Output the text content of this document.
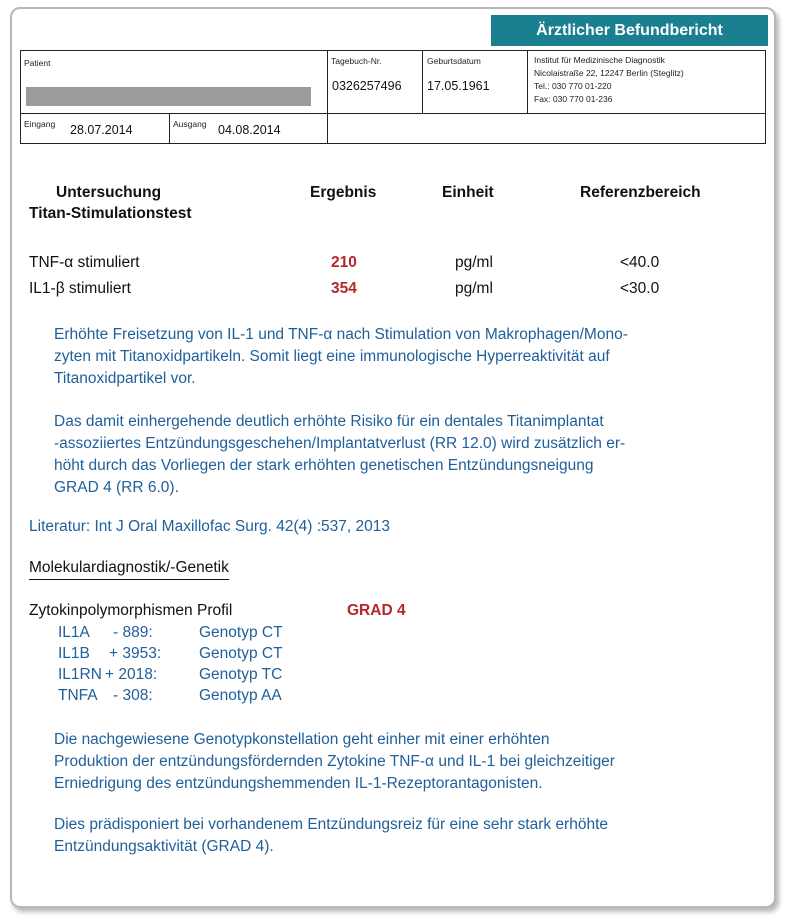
Ärztlicher Befundbericht
Patient	Tagebuch-Nr.
0326257496
Geburtsdatum
17.05.1961
Institut für Medizinische Diagnostik
Nicolaistraße 22, 12247 Berlin (Steglitz)
Tel.: 030 770 01-220
Fax: 030 770 01-236
Eingang 28.07.2014	Ausgang 04.08.2014
Untersuchung	Ergebnis	Einheit	Referenzbereich
Titan-Stimulationstest
TNF-α stimuliert	210	pg/ml	<40.0
IL1-β stimuliert	354	pg/ml	<30.0
Erhöhte Freisetzung von IL-1 und TNF-α nach Stimulation von Makrophagen/Mono-
zyten mit Titanoxidpartikeln. Somit liegt eine immunologische Hyperreaktivität auf
Titanoxidpartikel vor.
Das damit einhergehende deutlich erhöhte Risiko für ein dentales Titanimplantat
-assoziiertes Entzündungsgeschehen/Implantatverlust (RR 12.0) wird zusätzlich er-
höht durch das Vorliegen der stark erhöhten genetischen Entzündungsneigung
GRAD 4 (RR 6.0).
Literatur: Int J Oral Maxillofac Surg. 42(4) :537, 2013
Molekulardiagnostik/-Genetik
Zytokinpolymorphismen Profil	GRAD 4
IL1A - 889:	Genotyp CT
IL1B + 3953: Genotyp CT
IL1RN + 2018:	Genotyp TC
TNFA - 308:	Genotyp AA
Die nachgewiesene Genotypkonstellation geht einher mit einer erhöhten
Produktion der entzündungsfördernden Zytokine TNF-α und IL-1 bei gleichzeitiger
Erniedrigung des entzündungshemmenden IL-1-Rezeptorantagonisten.
Dies prädisponiert bei vorhandenem Entzündungsreiz für eine sehr stark erhöhte
Entzündungsaktivität (GRAD 4).
